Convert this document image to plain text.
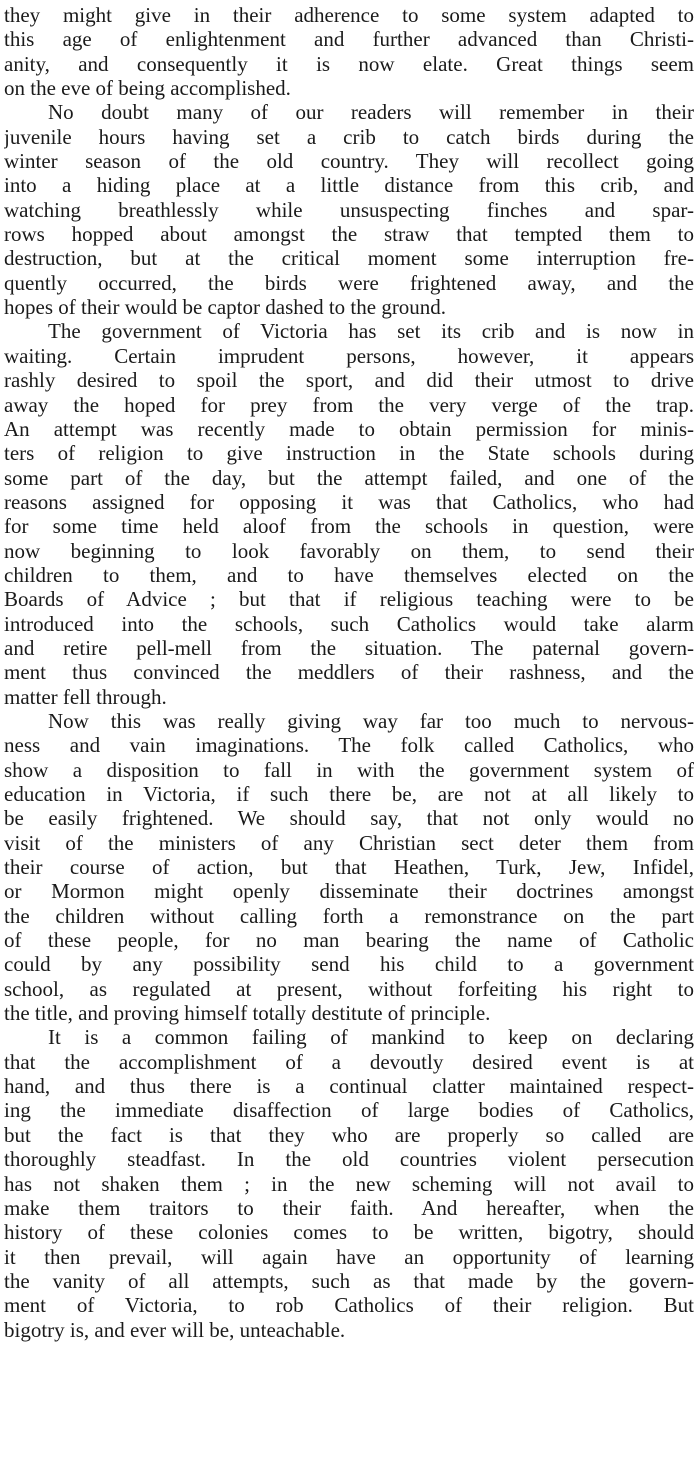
they might give in their adherence to some system adapted to
this age of enlightenment and further advanced than Christi-
anity, and consequently it is now elate. Great things seem
on the eve of being accomplished.
No doubt many of our readers will remember in their
juvenile hours having set a crib to catch birds during the
winter season of the old country. They will recollect going
into a hiding place at a little distance from this crib, and
watching breathlessly while unsuspecting finches and spar-
rows hopped about amongst the straw that tempted them to
destruction, but at the critical moment some interruption fre-
quently occurred, the birds were frightened away, and the
hopes of their would be captor dashed to the ground.
The government of Victoria has set its crib and is now in
waiting. Certain imprudent persons, however, it appears
rashly desired to spoil the sport, and did their utmost to drive
away the hoped for prey from the very verge of the trap.
An attempt was recently made to obtain permission for minis-
ters of religion to give instruction in the State schools during
some part of the day, but the attempt failed, and one of the
reasons assigned for opposing it was that Catholics, who had
for some time held aloof from the schools in question, were
now beginning to look favorably on them, to send their
children to them, and to have themselves elected on the
Boards of Advice ; but that if religious teaching were to be
introduced into the schools, such Catholics would take alarm
and retire pell-mell from the situation. The paternal govern-
ment thus convinced the meddlers of their rashness, and the
matter fell through.
Now this was really giving way far too much to nervous-
ness and vain imaginations. The folk called Catholics, who
show a disposition to fall in with the government system of
education in Victoria, if such there be, are not at all likely to
be easily frightened. We should say, that not only would no
visit of the ministers of any Christian sect deter them from
their course of action, but that Heathen, Turk, Jew, Infidel,
or Mormon might openly disseminate their doctrines amongst
the children without calling forth a remonstrance on the part
of these people, for no man bearing the name of Catholic
could by any possibility send his child to a government
school, as regulated at present, without forfeiting his right to
the title, and proving himself totally destitute of principle.
It is a common failing of mankind to keep on declaring
that the accomplishment of a devoutly desired event is at
hand, and thus there is a continual clatter maintained respect-
ing the immediate disaffection of large bodies of Catholics,
but the fact is that they who are properly so called are
thoroughly steadfast. In the old countries violent persecution
has not shaken them ; in the new scheming will not avail to
make them traitors to their faith. And hereafter, when the
history of these colonies comes to be written, bigotry, should
it then prevail, will again have an opportunity of learning
the vanity of all attempts, such as that made by the govern-
ment of Victoria, to rob Catholics of their religion. But
bigotry is, and ever will be, unteachable.
